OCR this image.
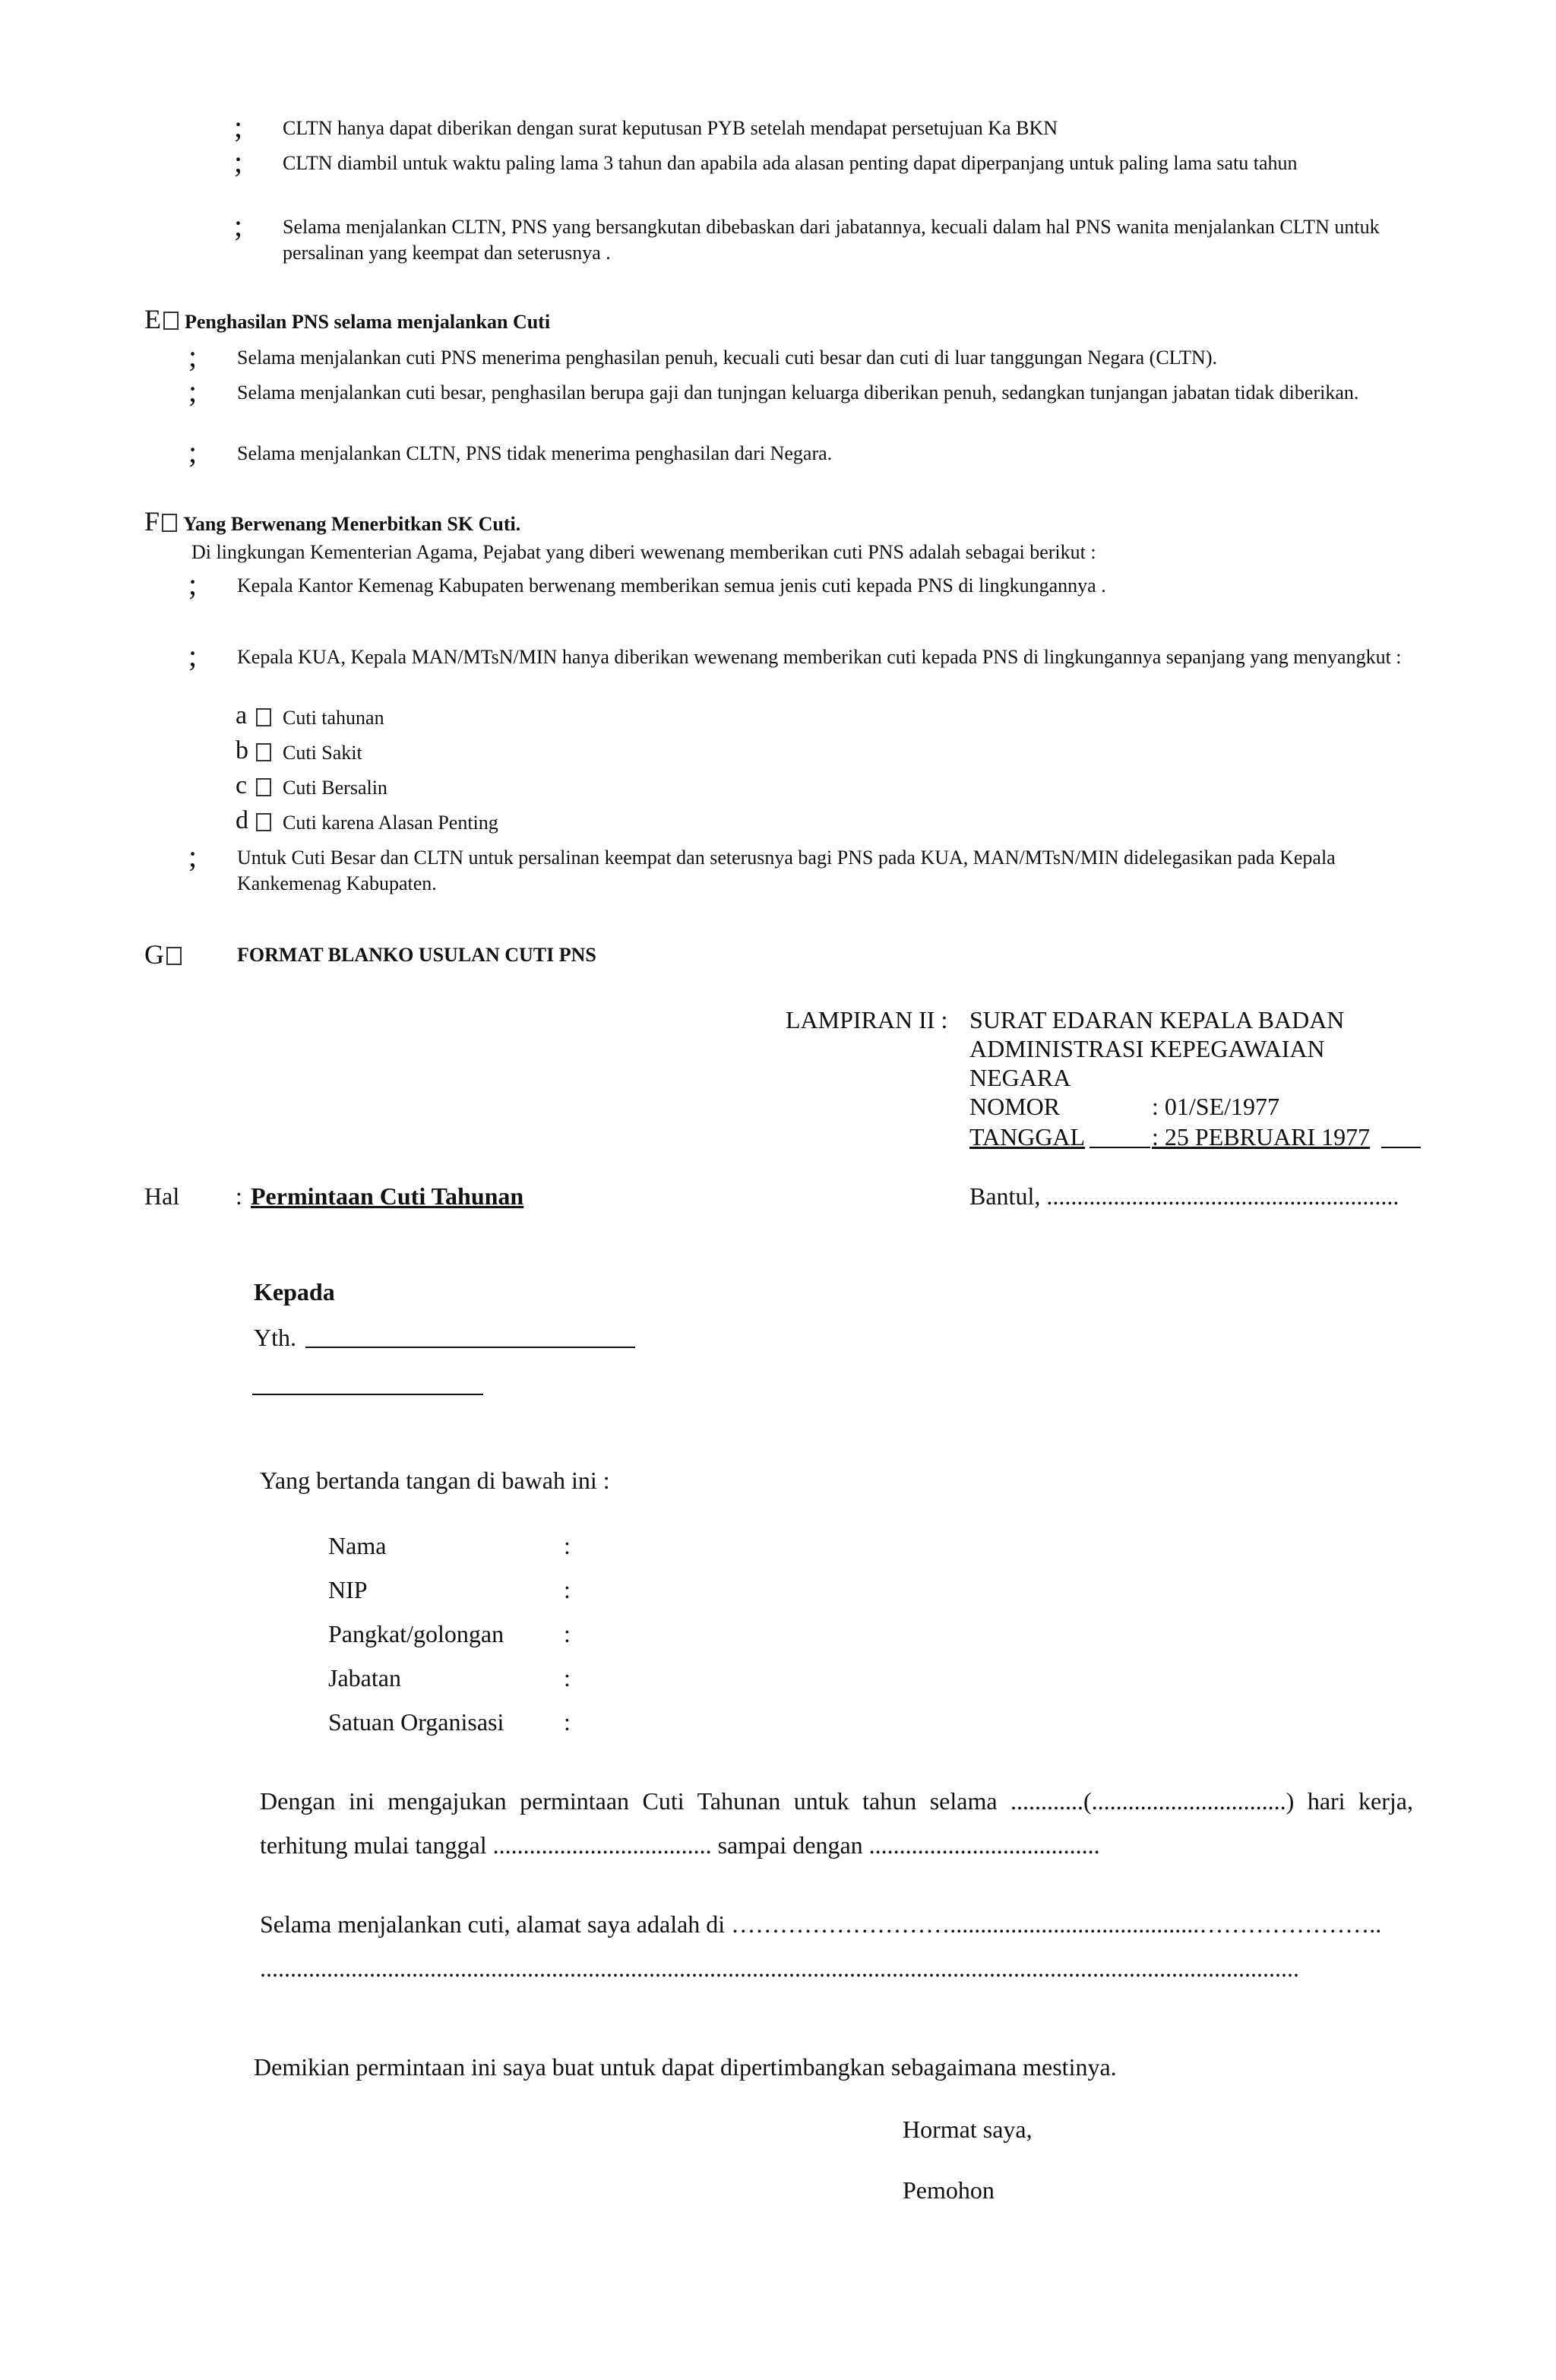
; CLTN hanya dapat diberikan dengan surat keputusan PYB setelah mendapat persetujuan Ka BKN
; CLTN diambil untuk waktu paling lama 3 tahun dan apabila ada alasan penting dapat diperpanjang untuk paling lama satu tahun
; Selama menjalankan CLTN, PNS yang bersangkutan dibebaskan dari jabatannya, kecuali dalam hal PNS wanita menjalankan CLTN untuk persalinan yang keempat dan seterusnya .
E Penghasilan PNS selama menjalankan Cuti
; Selama menjalankan cuti PNS menerima penghasilan penuh, kecuali cuti besar dan cuti di luar tanggungan Negara (CLTN).
; Selama menjalankan cuti besar, penghasilan berupa gaji dan tunjngan keluarga diberikan penuh, sedangkan tunjangan jabatan tidak diberikan.
; Selama menjalankan CLTN, PNS tidak menerima penghasilan dari Negara.
F Yang Berwenang Menerbitkan SK Cuti.
Di lingkungan Kementerian Agama, Pejabat yang diberi wewenang memberikan cuti PNS adalah sebagai berikut :
; Kepala Kantor Kemenag Kabupaten berwenang memberikan semua jenis cuti kepada PNS di lingkungannya .
; Kepala KUA, Kepala MAN/MTsN/MIN hanya diberikan wewenang memberikan cuti kepada PNS di lingkungannya sepanjang yang menyangkut :
a Cuti tahunan
b Cuti Sakit
c Cuti Bersalin
d Cuti karena Alasan Penting
; Untuk Cuti Besar dan CLTN untuk persalinan keempat dan seterusnya bagi PNS pada KUA, MAN/MTsN/MIN didelegasikan pada Kepala Kankemenag Kabupaten.
G	FORMAT BLANKO USULAN CUTI PNS
LAMPIRAN II : SURAT EDARAN KEPALA BADAN
ADMINISTRASI KEPEGAWAIAN
NEGARA
NOMOR	: 01/SE/1977
TANGGAL	: 25 PEBRUARI 1977
Hal : Permintaan Cuti Tahunan	Bantul, ..........................................................
Kepada
Yth.
Yang bertanda tangan di bawah ini :
Nama	:
NIP	:
Pangkat/golongan :
Jabatan	:
Satuan Organisasi :
Dengan ini mengajukan permintaan Cuti Tahunan untuk tahun selama ............(................................) hari kerja,
terhitung mulai tanggal .................................... sampai dengan ......................................
Selama menjalankan cuti, alamat saya adalah di ……………………….........................................…………………..
...........................................................................................................................................................................
Demikian permintaan ini saya buat untuk dapat dipertimbangkan sebagaimana mestinya.
Hormat saya,
Pemohon
